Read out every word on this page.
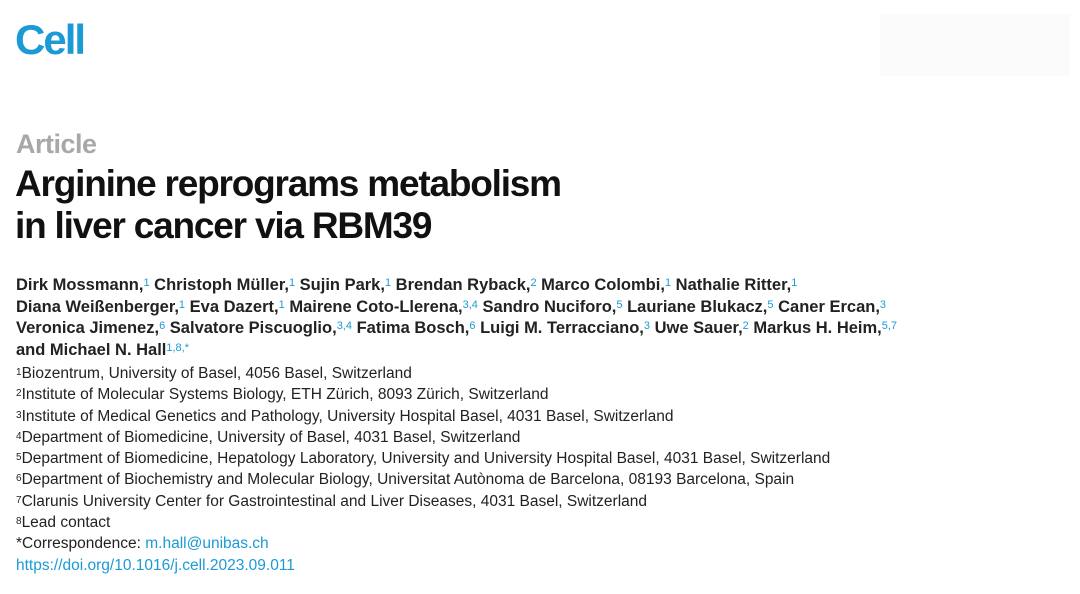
Cell
Article
Arginine reprograms metabolism
in liver cancer via RBM39
Dirk Mossmann,$^1$ Christoph Müller,$^1$ Sujin Park,$^1$ Brendan Ryback,$^2$ Marco Colombi,$^1$ Nathalie Ritter,$^1$
Diana Weißenberger,$^1$ Eva Dazert,$^1$ Mairene Coto-Llerena,$^{3,4}$ Sandro Nuciforo,$^5$ Lauriane Blukacz,$^5$ Caner Ercan,$^3$
Veronica Jimenez,$^6$ Salvatore Piscuoglio,$^{3,4}$ Fatima Bosch,$^6$ Luigi M. Terracciano,$^3$ Uwe Sauer,$^2$ Markus H. Heim,$^{5,7}$
and Michael N. Hall$^{1,8,*}$
$^1$Biozentrum, University of Basel, 4056 Basel, Switzerland
$^2$Institute of Molecular Systems Biology, ETH Zürich, 8093 Zürich, Switzerland
$^3$Institute of Medical Genetics and Pathology, University Hospital Basel, 4031 Basel, Switzerland
$^4$Department of Biomedicine, University of Basel, 4031 Basel, Switzerland
$^5$Department of Biomedicine, Hepatology Laboratory, University and University Hospital Basel, 4031 Basel, Switzerland
$^6$Department of Biochemistry and Molecular Biology, Universitat Autònoma de Barcelona, 08193 Barcelona, Spain
$^7$Clarunis University Center for Gastrointestinal and Liver Diseases, 4031 Basel, Switzerland
$^8$Lead contact
*Correspondence: m.hall@unibas.ch
https://doi.org/10.1016/j.cell.2023.09.011
